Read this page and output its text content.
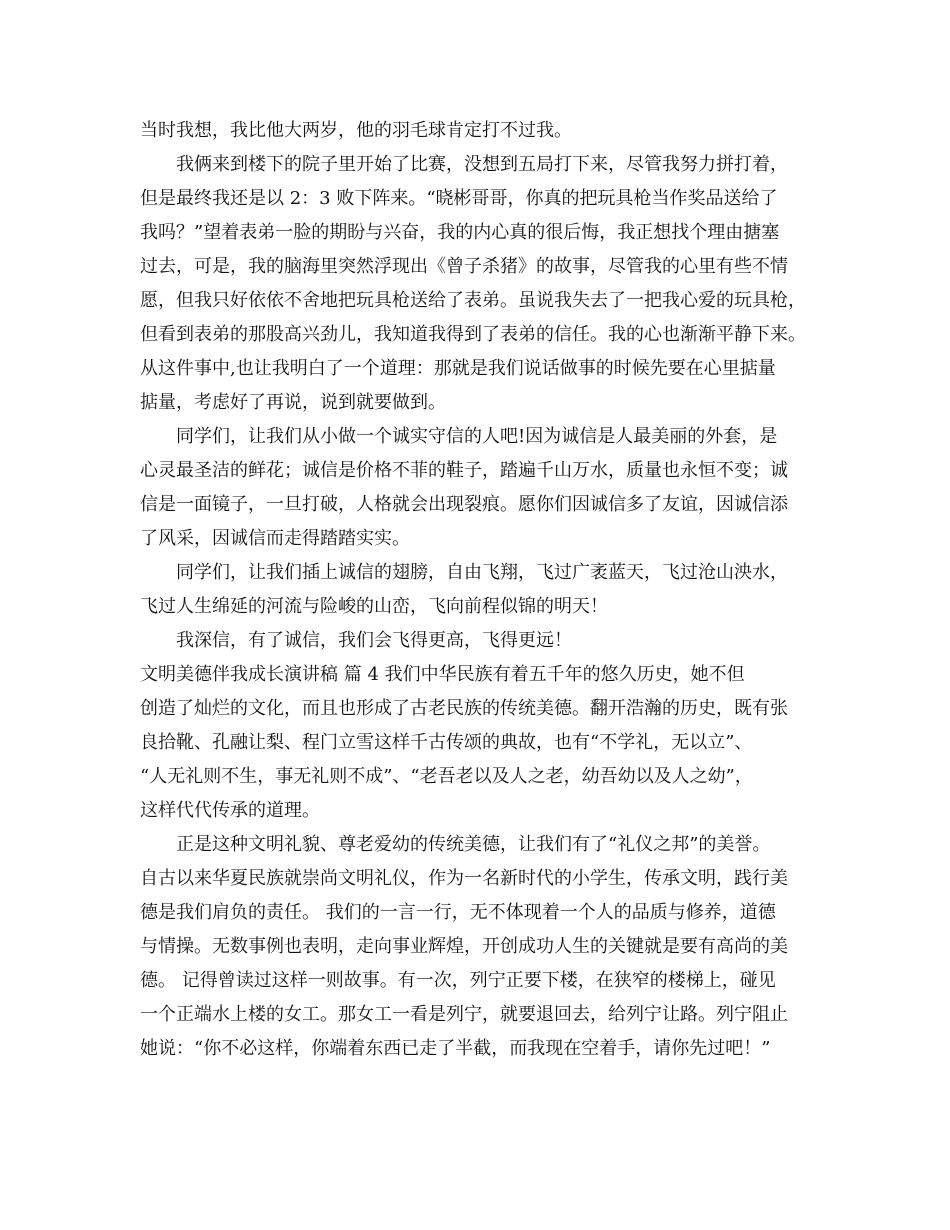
当时我想，我比他大两岁，他的羽毛球肯定打不过我。
我俩来到楼下的院子里开始了比赛，没想到五局打下来，尽管我努力拼打着，
但是最终我还是以 2：3 败下阵来。“晓彬哥哥，你真的把玩具枪当作奖品送给了
我吗？”望着表弟一脸的期盼与兴奋，我的内心真的很后悔，我正想找个理由搪塞
过去，可是，我的脑海里突然浮现出《曾子杀猪》的故事，尽管我的心里有些不情
愿，但我只好依依不舍地把玩具枪送给了表弟。虽说我失去了一把我心爱的玩具枪，
但看到表弟的那股高兴劲儿，我知道我得到了表弟的信任。我的心也渐渐平静下来。
从这件事中,也让我明白了一个道理：那就是我们说话做事的时候先要在心里掂量
掂量，考虑好了再说，说到就要做到。
同学们，让我们从小做一个诚实守信的人吧!因为诚信是人最美丽的外套，是
心灵最圣洁的鲜花；诚信是价格不菲的鞋子，踏遍千山万水，质量也永恒不变；诚
信是一面镜子，一旦打破，人格就会出现裂痕。愿你们因诚信多了友谊，因诚信添
了风采，因诚信而走得踏踏实实。
同学们，让我们插上诚信的翅膀，自由飞翔，飞过广袤蓝天，飞过沧山泱水，
飞过人生绵延的河流与险峻的山峦，飞向前程似锦的明天！
我深信，有了诚信，我们会飞得更高，飞得更远！
文明美德伴我成长演讲稿 篇 4 我们中华民族有着五千年的悠久历史，她不但
创造了灿烂的文化，而且也形成了古老民族的传统美德。翻开浩瀚的历史，既有张
良拾靴、孔融让梨、程门立雪这样千古传颂的典故，也有“不学礼，无以立”、
“人无礼则不生，事无礼则不成”、“老吾老以及人之老，幼吾幼以及人之幼”，
这样代代传承的道理。
正是这种文明礼貌、尊老爱幼的传统美德，让我们有了“礼仪之邦”的美誉。
自古以来华夏民族就崇尚文明礼仪，作为一名新时代的小学生，传承文明，践行美
德是我们肩负的责任。 我们的一言一行，无不体现着一个人的品质与修养，道德
与情操。无数事例也表明，走向事业辉煌，开创成功人生的关键就是要有高尚的美
德。 记得曾读过这样一则故事。有一次，列宁正要下楼，在狭窄的楼梯上，碰见
一个正端水上楼的女工。那女工一看是列宁，就要退回去，给列宁让路。列宁阻止
她说：“你不必这样，你端着东西已走了半截，而我现在空着手，请你先过吧！”
